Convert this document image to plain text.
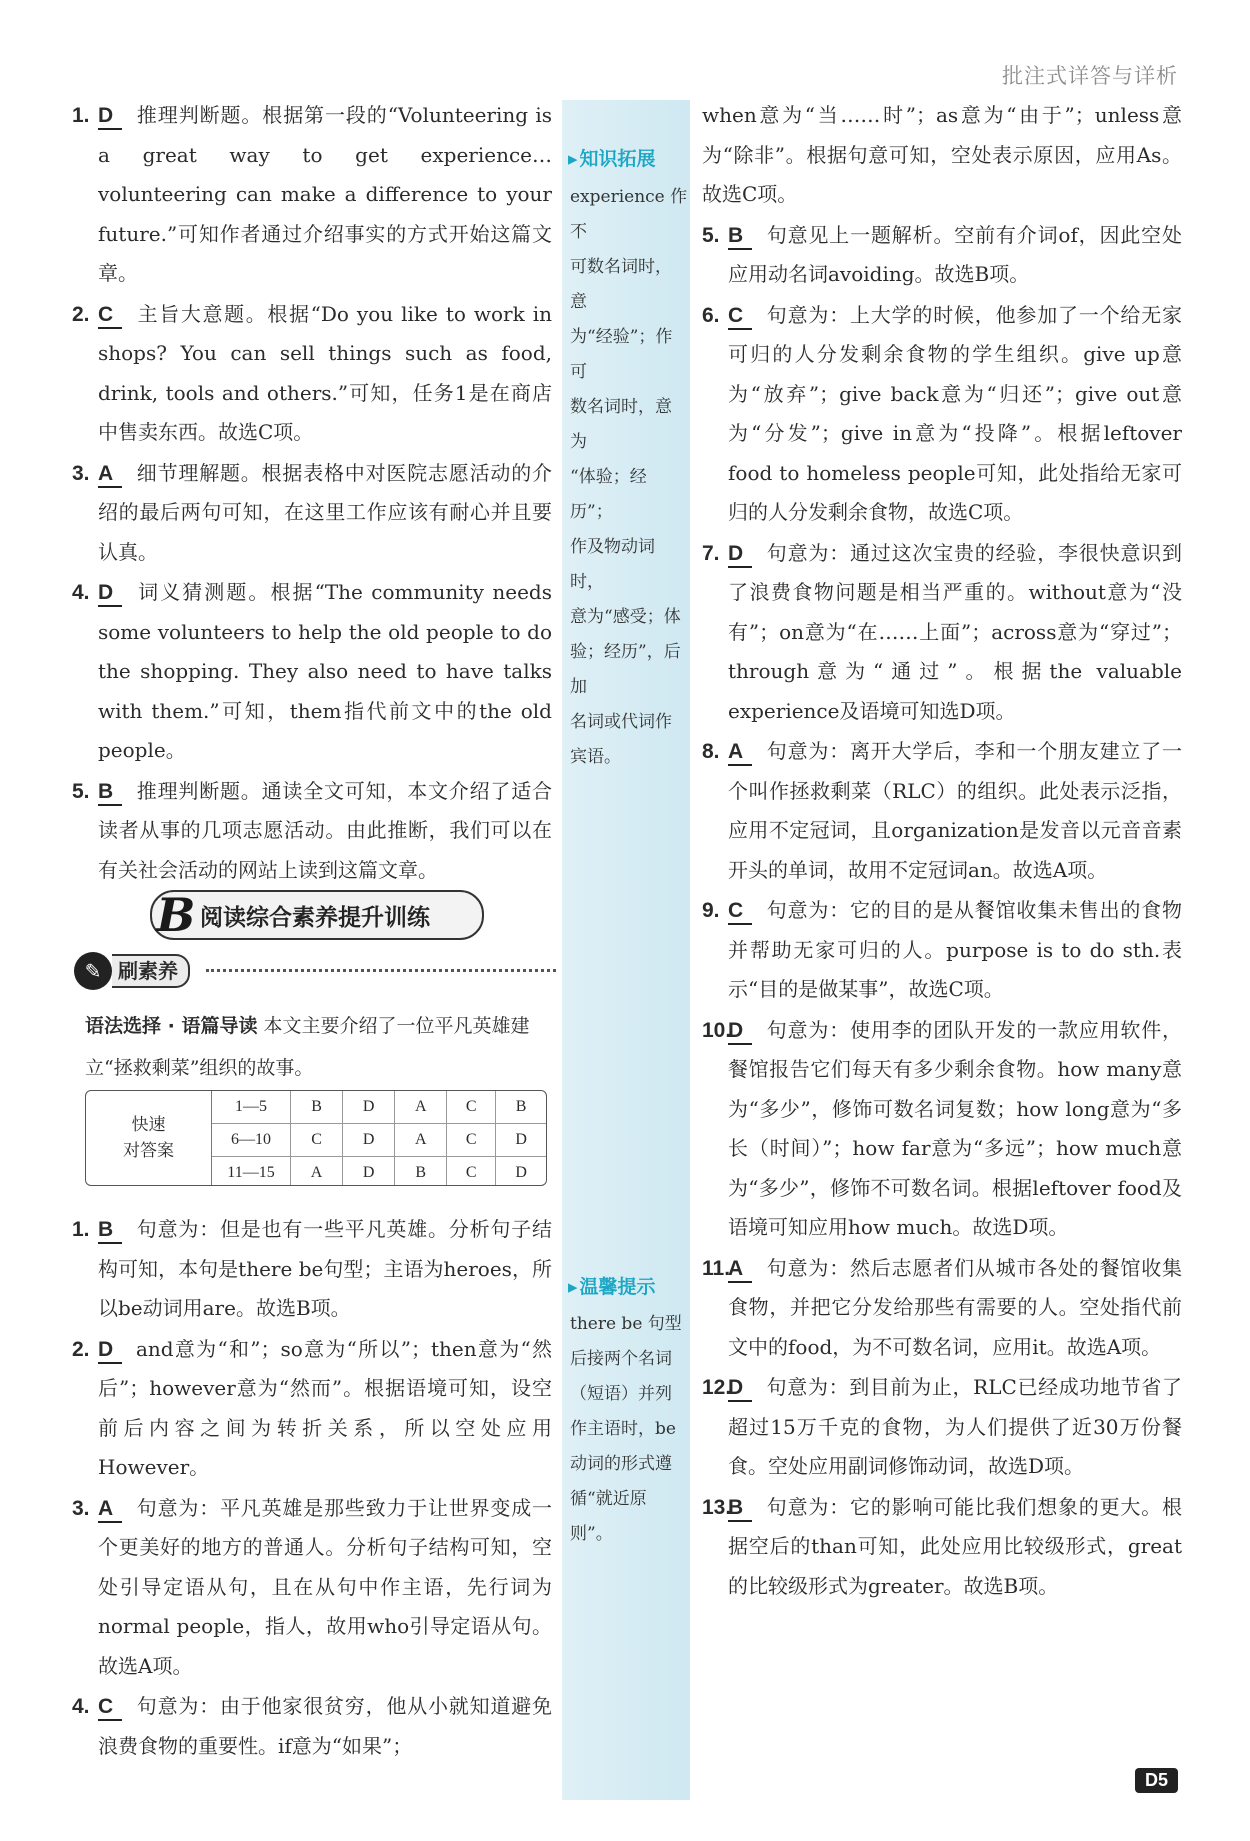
批注式详答与详析
▸ 知识拓展
experience 作不
可数名词时，意
为“经验”；作可
数名词时，意为
“体验；经历”；
作及物动词时，
意为“感受；体
验；经历”，后加
名词或代词作
宾语。
▸ 温馨提示
there be 句型
后接两个名词
（短语）并列
作主语时，be
动词的形式遵
循“就近原
则”。
1. D 推理判断题。根据第一段的“Volunteering is a great way to get experience… volunteering can make a difference to your future.”可知作者通过介绍事实的方式开始这篇文章。
2. C 主旨大意题。根据“Do you like to work in shops? You can sell things such as food, drink, tools and others.”可知，任务1是在商店中售卖东西。故选C项。
3. A 细节理解题。根据表格中对医院志愿活动的介绍的最后两句可知，在这里工作应该有耐心并且要认真。
4. D 词义猜测题。根据“The community needs some volunteers to help the old people to do the shopping. They also need to have talks with them.”可知，them指代前文中的the old people。
5. B 推理判断题。通读全文可知，本文介绍了适合读者从事的几项志愿活动。由此推断，我们可以在有关社会活动的网站上读到这篇文章。
B 阅读综合素养提升训练
✎ 刷素养
语法选择 · 语篇导读 本文主要介绍了一位平凡英雄建立“拯救剩菜”组织的故事。
快速
对答案
1—5	B	D	A	C	B
6—10	C	D	A	C	D
11—15	A	D	B	C	D
1. B 句意为：但是也有一些平凡英雄。分析句子结构可知，本句是there be句型；主语为heroes，所以be动词用are。故选B项。
2. D and意为“和”；so意为“所以”；then意为“然后”；however意为“然而”。根据语境可知，设空前后内容之间为转折关系，所以空处应用However。
3. A 句意为：平凡英雄是那些致力于让世界变成一个更美好的地方的普通人。分析句子结构可知，空处引导定语从句，且在从句中作主语，先行词为normal people，指人，故用who引导定语从句。故选A项。
4. C 句意为：由于他家很贫穷，他从小就知道避免浪费食物的重要性。if意为“如果”；
when意为“当……时”；as意为“由于”；unless意为“除非”。根据句意可知，空处表示原因，应用As。故选C项。
5. B 句意见上一题解析。空前有介词of，因此空处应用动名词avoiding。故选B项。
6. C 句意为：上大学的时候，他参加了一个给无家可归的人分发剩余食物的学生组织。give up意为“放弃”；give back意为“归还”；give out意为“分发”；give in意为“投降”。根据leftover food to homeless people可知，此处指给无家可归的人分发剩余食物，故选C项。
7. D 句意为：通过这次宝贵的经验，李很快意识到了浪费食物问题是相当严重的。without意为“没有”；on意为“在……上面”；across意为“穿过”；through意为“通过”。根据the valuable experience及语境可知选D项。
8. A 句意为：离开大学后，李和一个朋友建立了一个叫作拯救剩菜（RLC）的组织。此处表示泛指，应用不定冠词，且organization是发音以元音音素开头的单词，故用不定冠词an。故选A项。
9. C 句意为：它的目的是从餐馆收集未售出的食物并帮助无家可归的人。purpose is to do sth.表示“目的是做某事”，故选C项。
10.
D 句意为：使用李的团队开发的一款应用软件，餐馆报告它们每天有多少剩余食物。how many意为“多少”，修饰可数名词复数；how long意为“多长（时间）”；how far意为“多远”；how much意为“多少”，修饰不可数名词。根据leftover food及语境可知应用how much。故选D项。
11.
A 句意为：然后志愿者们从城市各处的餐馆收集食物，并把它分发给那些有需要的人。空处指代前文中的food，为不可数名词，应用it。故选A项。
12.
D 句意为：到目前为止，RLC已经成功地节省了超过15万千克的食物，为人们提供了近30万份餐食。空处应用副词修饰动词，故选D项。
13.
B 句意为：它的影响可能比我们想象的更大。根据空后的than可知，此处应用比较级形式，great的比较级形式为greater。故选B项。
D5
